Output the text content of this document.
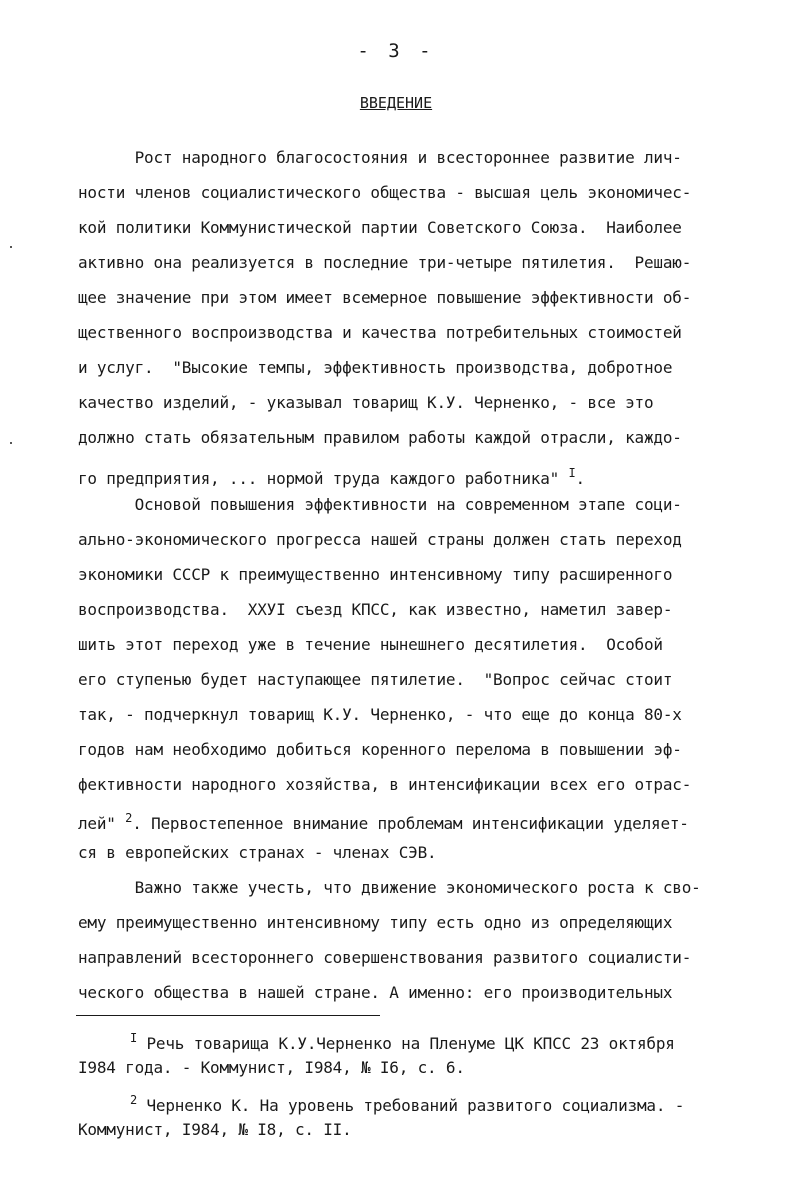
- 3 -
ВВЕДЕНИЕ
Рост народного благосостояния и всестороннее развитие лич-
ности членов социалистического общества - высшая цель экономичес-
кой политики Коммунистической партии Советского Союза.  Наиболее
активно она реализуется в последние три-четыре пятилетия.  Решаю-
щее значение при этом имеет всемерное повышение эффективности об-
щественного воспроизводства и качества потребительных стоимостей
и услуг.  "Высокие темпы, эффективность производства, добротное
качество изделий, - указывал товарищ К.У. Черненко, - все это
должно стать обязательным правилом работы каждой отрасли, каждо-
го предприятия, ... нормой труда каждого работника" $^I$.
Основой повышения эффективности на современном этапе соци-
ально-экономического прогресса нашей страны должен стать переход
экономики СССР к преимущественно интенсивному типу расширенного
воспроизводства.  ХХУI съезд КПСС, как известно, наметил завер-
шить этот переход уже в течение нынешнего десятилетия.  Особой
его ступенью будет наступающее пятилетие.  "Вопрос сейчас стоит
так, - подчеркнул товарищ К.У. Черненко, - что еще до конца 80-х
годов нам необходимо добиться коренного перелома в повышении эф-
фективности народного хозяйства, в интенсификации всех его отрас-
лей" $^2$. Первостепенное внимание проблемам интенсификации уделяет-
ся в европейских странах - членах СЭВ.
Важно также учесть, что движение экономического роста к сво-
ему преимущественно интенсивному типу есть одно из определяющих
направлений всестороннего совершенствования развитого социалисти-
ческого общества в нашей стране. А именно: его производительных
$^I$ Речь товарища К.У.Черненко на Пленуме ЦК КПСС 23 октября
I984 года. - Коммунист, I984, № I6, с. 6.
$^2$ Черненко К. На уровень требований развитого социализма. -
Коммунист, I984, № I8, с. II.
